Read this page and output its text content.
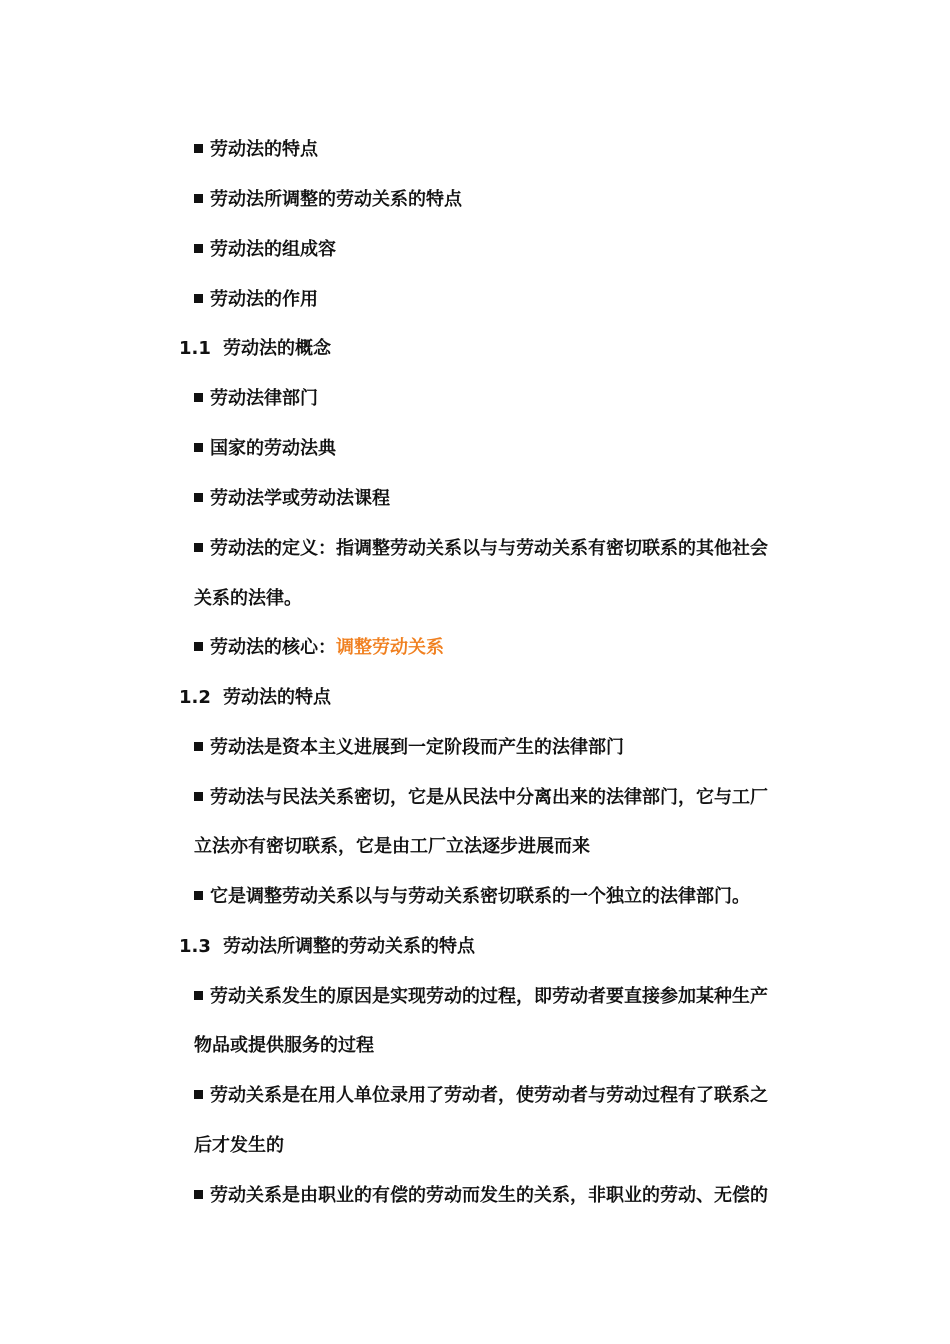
劳动法的特点
劳动法所调整的劳动关系的特点
劳动法的组成容
劳动法的作用
1.1 劳动法的概念
劳动法律部门
国家的劳动法典
劳动法学或劳动法课程
劳动法的定义：指调整劳动关系以与与劳动关系有密切联系的其他社会
关系的法律。
劳动法的核心：调整劳动关系
1.2 劳动法的特点
劳动法是资本主义进展到一定阶段而产生的法律部门
劳动法与民法关系密切，它是从民法中分离出来的法律部门，它与工厂
立法亦有密切联系，它是由工厂立法逐步进展而来
它是调整劳动关系以与与劳动关系密切联系的一个独立的法律部门。
1.3 劳动法所调整的劳动关系的特点
劳动关系发生的原因是实现劳动的过程，即劳动者要直接参加某种生产
物品或提供服务的过程
劳动关系是在用人单位录用了劳动者，使劳动者与劳动过程有了联系之
后才发生的
劳动关系是由职业的有偿的劳动而发生的关系，非职业的劳动、无偿的
